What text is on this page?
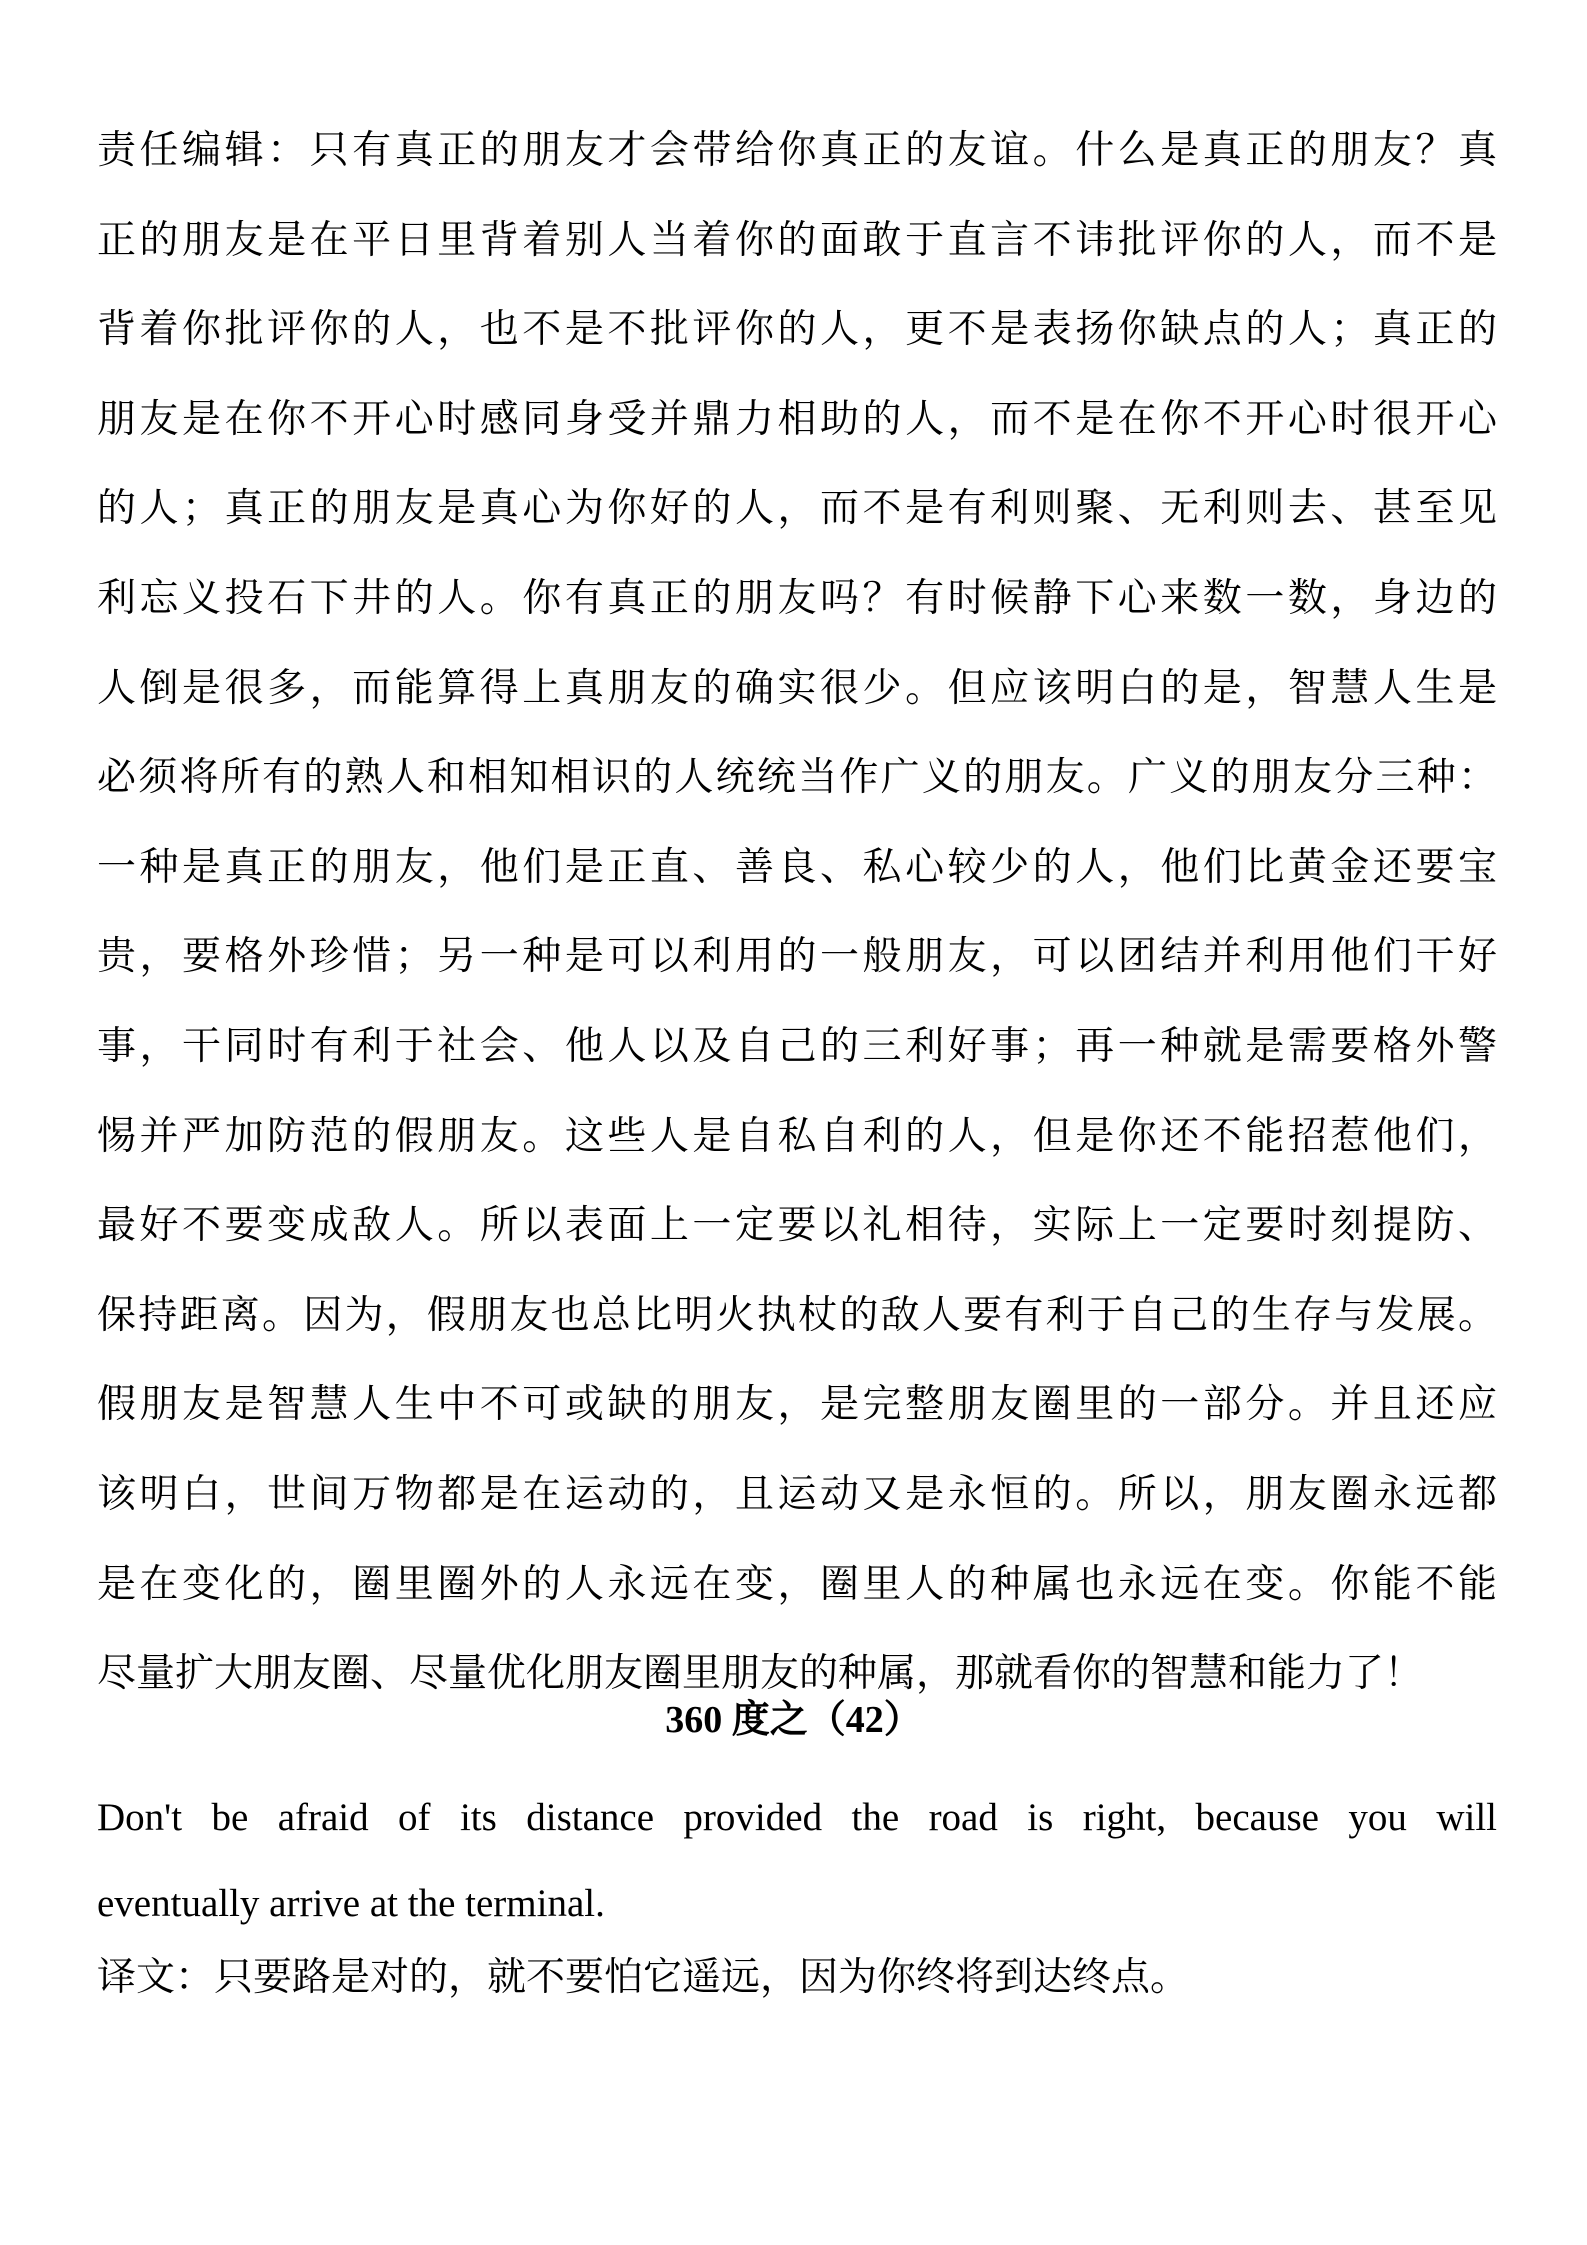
责任编辑：只有真正的朋友才会带给你真正的友谊。什么是真正的朋友？真
正的朋友是在平日里背着别人当着你的面敢于直言不讳批评你的人，而不是
背着你批评你的人，也不是不批评你的人，更不是表扬你缺点的人；真正的
朋友是在你不开心时感同身受并鼎力相助的人，而不是在你不开心时很开心
的人；真正的朋友是真心为你好的人，而不是有利则聚、无利则去、甚至见
利忘义投石下井的人。你有真正的朋友吗？有时候静下心来数一数，身边的
人倒是很多，而能算得上真朋友的确实很少。但应该明白的是，智慧人生是
必须将所有的熟人和相知相识的人统统当作广义的朋友。广义的朋友分三种：
一种是真正的朋友，他们是正直、善良、私心较少的人，他们比黄金还要宝
贵，要格外珍惜；另一种是可以利用的一般朋友，可以团结并利用他们干好
事，干同时有利于社会、他人以及自己的三利好事；再一种就是需要格外警
惕并严加防范的假朋友。这些人是自私自利的人，但是你还不能招惹他们，
最好不要变成敌人。所以表面上一定要以礼相待，实际上一定要时刻提防、
保持距离。因为，假朋友也总比明火执杖的敌人要有利于自己的生存与发展。
假朋友是智慧人生中不可或缺的朋友，是完整朋友圈里的一部分。并且还应
该明白，世间万物都是在运动的，且运动又是永恒的。所以，朋友圈永远都
是在变化的，圈里圈外的人永远在变，圈里人的种属也永远在变。你能不能
尽量扩大朋友圈、尽量优化朋友圈里朋友的种属，那就看你的智慧和能力了！
360 度之（42）
Don't be afraid of its distance provided the road is right, because you will
eventually arrive at the terminal.
译文：只要路是对的，就不要怕它遥远，因为你终将到达终点。
